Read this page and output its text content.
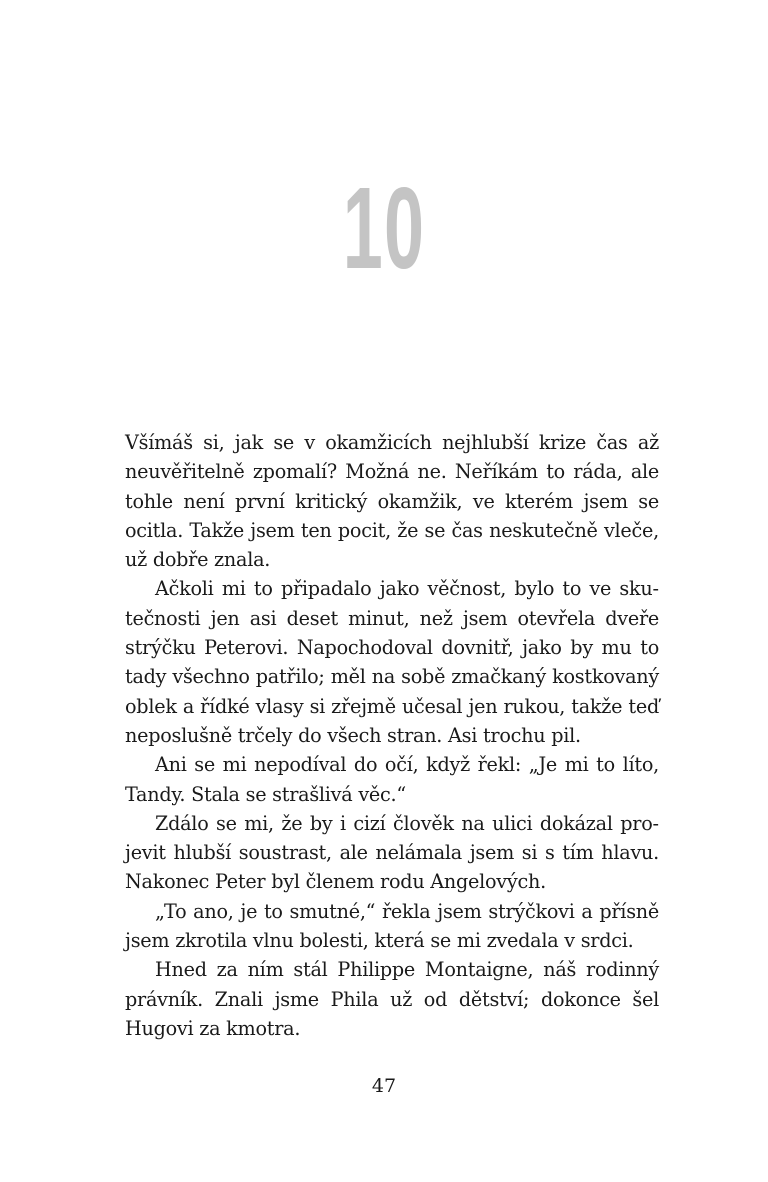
10

Všímáš si, jak se v okamžicích nejhlubší krize čas až neuvěřitelně zpomalí? Možná ne. Neříkám to ráda, ale tohle není první kritický okamžik, ve kterém jsem se ocitla. Takže jsem ten pocit, že se čas neskutečně vleče, už dobře znala.

Ačkoli mi to připadalo jako věčnost, bylo to ve skutečnosti jen asi deset minut, než jsem otevřela dveře strýčku Peterovi. Napochodoval dovnitř, jako by mu to tady všechno patřilo; měl na sobě zmačkaný kostkovaný oblek a řídké vlasy si zřejmě učesal jen rukou, takže teď neposlušně trčely do všech stran. Asi trochu pil.

Ani se mi nepodíval do očí, když řekl: „Je mi to líto, Tandy. Stala se strašlivá věc.“

Zdálo se mi, že by i cizí člověk na ulici dokázal projevit hlubší soustrast, ale nelámala jsem si s tím hlavu. Nakonec Peter byl členem rodu Angelových.

„To ano, je to smutné,“ řekla jsem strýčkovi a přísně jsem zkrotila vlnu bolesti, která se mi zvedala v srdci.

Hned za ním stál Philippe Montaigne, náš rodinný právník. Znali jsme Phila už od dětství; dokonce šel Hugovi za kmotra.

47
